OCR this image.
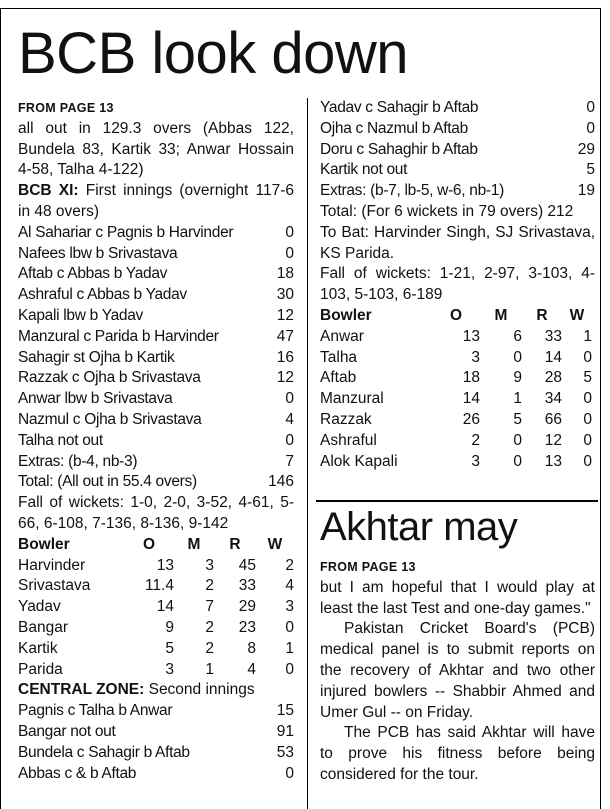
BCB look down
FROM PAGE 13
all out in 129.3 overs (Abbas 122, Bundela 83, Kartik 33; Anwar Hossain 4-58, Talha 4-122)
BCB XI: First innings (overnight 117-6 in 48 overs)
Al Sahariar c Pagnis b Harvinder	0
Nafees lbw b Srivastava	0
Aftab c Abbas b Yadav	18
Ashraful c Abbas b Yadav	30
Kapali lbw b Yadav	12
Manzural c Parida b Harvinder	47
Sahagir st Ojha b Kartik	16
Razzak c Ojha b Srivastava	12
Anwar lbw b Srivastava	0
Nazmul c Ojha b Srivastava	4
Talha not out	0
Extras: (b-4, nb-3)	7
Total: (All out in 55.4 overs)	146
Fall of wickets: 1-0, 2-0, 3-52, 4-61, 5-66, 6-108, 7-136, 8-136, 9-142
Bowler	O	M	R	W
Harvinder	13	3	45	2
Srivastava	11.4	2	33	4
Yadav	14	7	29	3
Bangar	9	2	23	0
Kartik	5	2	8	1
Parida	3	1	4	0
CENTRAL ZONE: Second innings
Pagnis c Talha b Anwar	15
Bangar not out	91
Bundela c Sahagir b Aftab	53
Abbas c & b Aftab	0
Yadav c Sahagir b Aftab	0
Ojha c Nazmul b Aftab	0
Doru c Sahaghir b Aftab	29
Kartik not out	5
Extras: (b-7, lb-5, w-6, nb-1)	19
Total: (For 6 wickets in 79 overs) 212
To Bat: Harvinder Singh, SJ Srivastava, KS Parida.
Fall of wickets: 1-21, 2-97, 3-103, 4-103, 5-103, 6-189
Bowler	O	M	R	W
Anwar	13	6	33	1
Talha	3	0	14	0
Aftab	18	9	28	5
Manzural	14	1	34	0
Razzak	26	5	66	0
Ashraful	2	0	12	0
Alok Kapali	3	0	13	0
Akhtar may
FROM PAGE 13
but I am hopeful that I would play at least the last Test and one-day games."
Pakistan Cricket Board's (PCB) medical panel is to submit reports on the recovery of Akhtar and two other injured bowlers -- Shabbir Ahmed and Umer Gul -- on Friday.
The PCB has said Akhtar will have to prove his fitness before being considered for the tour.
